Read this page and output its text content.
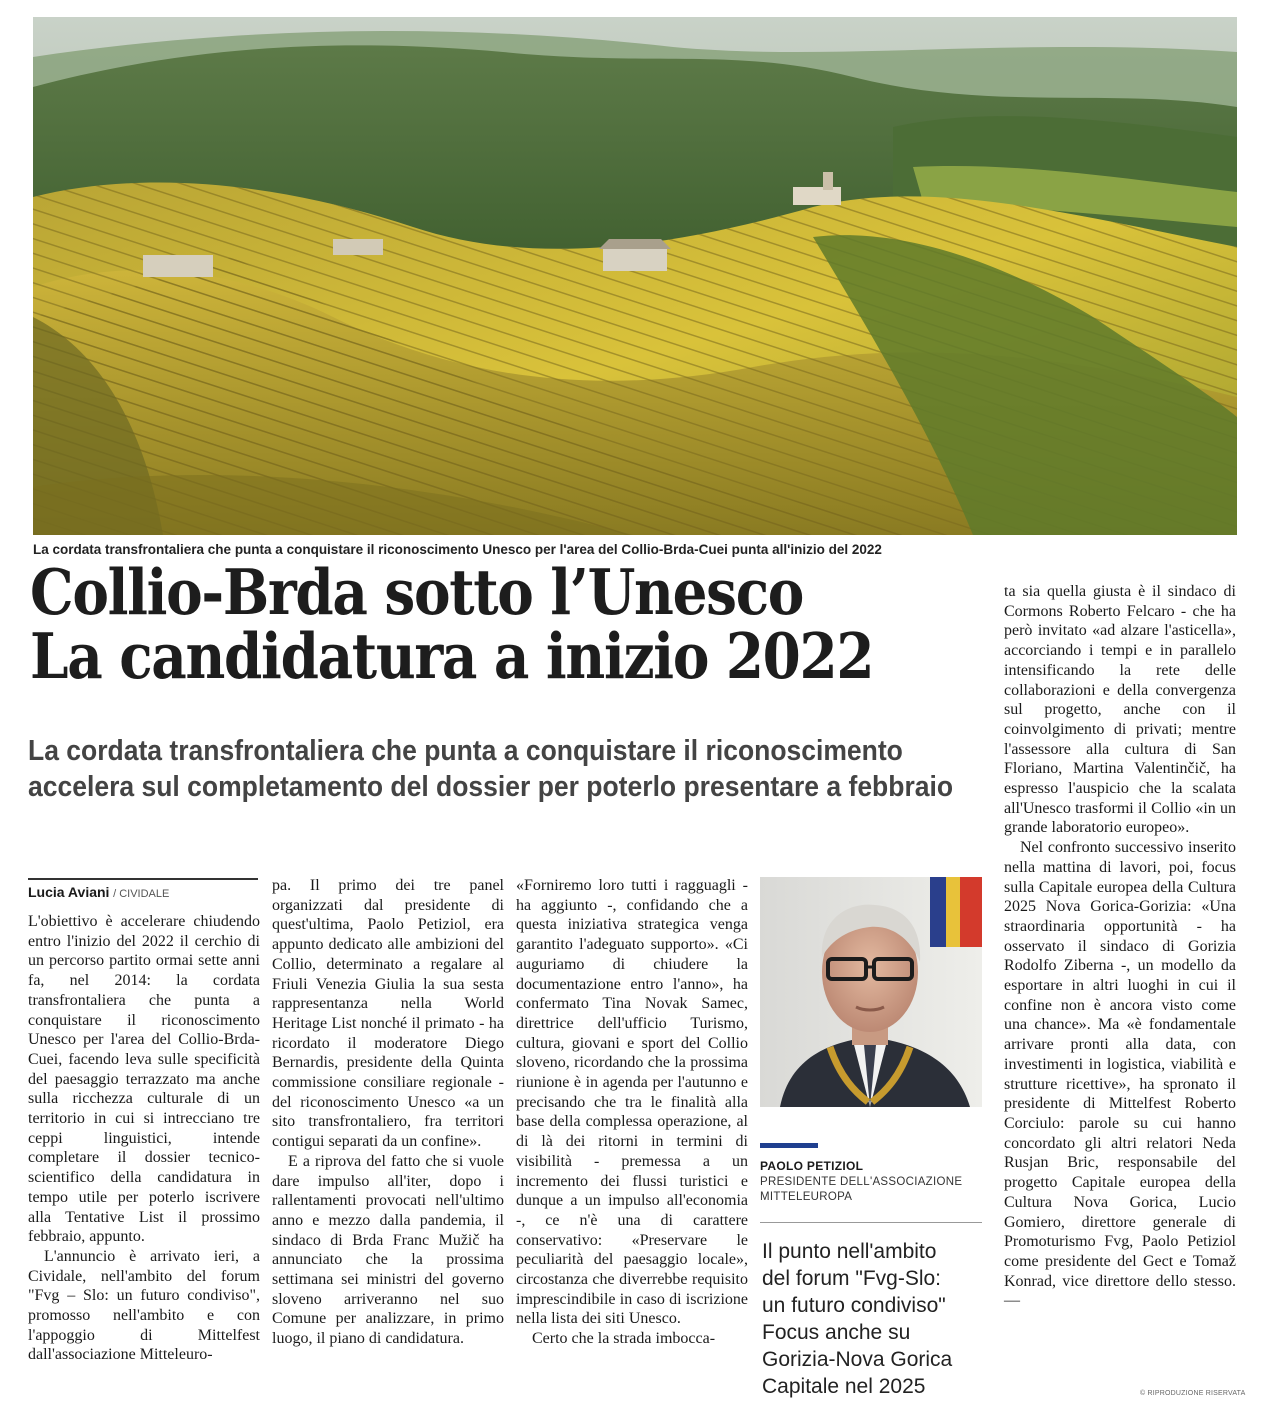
La cordata transfrontaliera che punta a conquistare il riconoscimento Unesco per l'area del Collio-Brda-Cuei punta all'inizio del 2022
Collio-Brda sotto l’Unesco
La candidatura a inizio 2022
La cordata transfrontaliera che punta a conquistare il riconoscimento
accelera sul completamento del dossier per poterlo presentare a febbraio
Lucia Aviani / CIVIDALE

L'obiettivo è accelerare chiudendo entro l'inizio del 2022 il cerchio di un percorso partito ormai sette anni fa, nel 2014: la cordata transfrontaliera che punta a conquistare il riconoscimento Unesco per l'area del Collio-Brda-Cuei, facendo leva sulle specificità del paesaggio terrazzato ma anche sulla ricchezza culturale di un territorio in cui si intrecciano tre ceppi linguistici, intende completare il dossier tecnico-scientifico della candidatura in tempo utile per poterlo iscrivere alla Tentative List il prossimo febbraio, appunto.

L'annuncio è arrivato ieri, a Cividale, nell'ambito del forum "Fvg – Slo: un futuro condiviso", promosso nell'ambito e con l'appoggio di Mittelfest dall'associazione Mitteleuro-

pa. Il primo dei tre panel organizzati dal presidente di quest'ultima, Paolo Petiziol, era appunto dedicato alle ambizioni del Collio, determinato a regalare al Friuli Venezia Giulia la sua sesta rappresentanza nella World Heritage List nonché il primato - ha ricordato il moderatore Diego Bernardis, presidente della Quinta commissione consiliare regionale - del riconoscimento Unesco «a un sito transfrontaliero, fra territori contigui separati da un confine».

E a riprova del fatto che si vuole dare impulso all'iter, dopo i rallentamenti provocati nell'ultimo anno e mezzo dalla pandemia, il sindaco di Brda Franc Mužič ha annunciato che la prossima settimana sei ministri del governo sloveno arriveranno nel suo Comune per analizzare, in primo luogo, il piano di candidatura.

«Forniremo loro tutti i ragguagli - ha aggiunto -, confidando che a questa iniziativa strategica venga garantito l'adeguato supporto». «Ci auguriamo di chiudere la documentazione entro l'anno», ha confermato Tina Novak Samec, direttrice dell'ufficio Turismo, cultura, giovani e sport del Collio sloveno, ricordando che la prossima riunione è in agenda per l'autunno e precisando che tra le finalità alla base della complessa operazione, al di là dei ritorni in termini di visibilità - premessa a un incremento dei flussi turistici e dunque a un impulso all'economia -, ce n'è una di carattere conservativo: «Preservare le peculiarità del paesaggio locale», circostanza che diverrebbe requisito imprescindibile in caso di iscrizione nella lista dei siti Unesco.

Certo che la strada imbocca-

PAOLO PETIZIOL
PRESIDENTE DELL'ASSOCIAZIONE MITTELEUROPA
Il punto nell'ambito
del forum "Fvg-Slo:
un futuro condiviso"
Focus anche su
Gorizia-Nova Gorica
Capitale nel 2025

ta sia quella giusta è il sindaco di Cormons Roberto Felcaro - che ha però invitato «ad alzare l'asticella», accorciando i tempi e in parallelo intensificando la rete delle collaborazioni e della convergenza sul progetto, anche con il coinvolgimento di privati; mentre l'assessore alla cultura di San Floriano, Martina Valentinčič, ha espresso l'auspicio che la scalata all'Unesco trasformi il Collio «in un grande laboratorio europeo».

Nel confronto successivo inserito nella mattina di lavori, poi, focus sulla Capitale europea della Cultura 2025 Nova Gorica-Gorizia: «Una straordinaria opportunità - ha osservato il sindaco di Gorizia Rodolfo Ziberna -, un modello da esportare in altri luoghi in cui il confine non è ancora visto come una chance». Ma «è fondamentale arrivare pronti alla data, con investimenti in logistica, viabilità e strutture ricettive», ha spronato il presidente di Mittelfest Roberto Corciulo: parole su cui hanno concordato gli altri relatori Neda Rusjan Bric, responsabile del progetto Capitale europea della Cultura Nova Gorica, Lucio Gomiero, direttore generale di Promoturismo Fvg, Paolo Petiziol come presidente del Gect e Tomaž Konrad, vice direttore dello stesso. —

© RIPRODUZIONE RISERVATA
